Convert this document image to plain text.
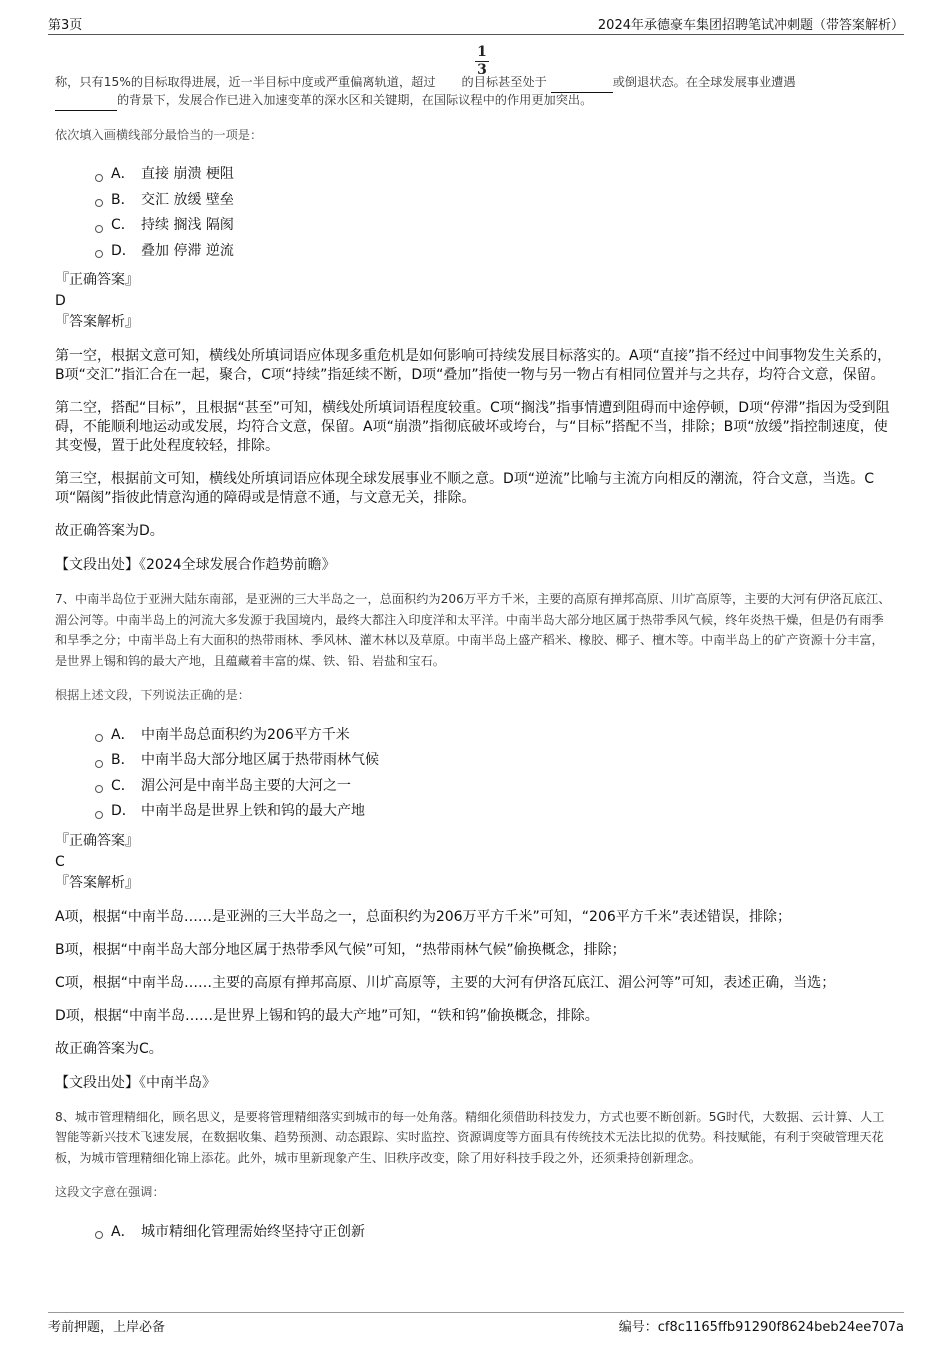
第3页	2024年承德豪车集团招聘笔试冲刺题（带答案解析）
$\frac{1}{3}$

称，只有15%的目标取得进展，近一半目标中度或严重偏离轨道，超过 的目标甚至处于	或倒退状态。在全球发展事业遭遇

的背景下，发展合作已进入加速变革的深水区和关键期，在国际议程中的作用更加突出。

依次填入画横线部分最恰当的一项是：

A． 直接 崩溃 梗阻
B． 交汇 放缓 壁垒
C． 持续 搁浅 隔阂
D． 叠加 停滞 逆流

『正确答案』

D

『答案解析』

第一空，根据文意可知，横线处所填词语应体现多重危机是如何影响可持续发展目标落实的。A项“直接”指不经过中间事物发生关系的，B项“交汇”指汇合在一起，聚合，C项“持续”指延续不断，D项“叠加”指使一物与另一物占有相同位置并与之共存，均符合文意，保留。

第二空，搭配“目标”，且根据“甚至”可知，横线处所填词语程度较重。C项“搁浅”指事情遭到阻碍而中途停顿，D项“停滞”指因为受到阻碍，不能顺利地运动或发展，均符合文意，保留。A项“崩溃”指彻底破坏或垮台，与“目标”搭配不当，排除；B项“放缓”指控制速度，使其变慢，置于此处程度较轻，排除。

第三空，根据前文可知，横线处所填词语应体现全球发展事业不顺之意。D项“逆流”比喻与主流方向相反的潮流，符合文意，当选。C项“隔阂”指彼此情意沟通的障碍或是情意不通，与文意无关，排除。

故正确答案为D。

【文段出处】《2024全球发展合作趋势前瞻》

7、中南半岛位于亚洲大陆东南部，是亚洲的三大半岛之一，总面积约为206万平方千米，主要的高原有掸邦高原、川圹高原等，主要的大河有伊洛瓦底江、湄公河等。中南半岛上的河流大多发源于我国境内，最终大都注入印度洋和太平洋。中南半岛大部分地区属于热带季风气候，终年炎热干燥，但是仍有雨季和旱季之分；中南半岛上有大面积的热带雨林、季风林、灌木林以及草原。中南半岛上盛产稻米、橡胶、椰子、檀木等。中南半岛上的矿产资源十分丰富，是世界上锡和钨的最大产地，且蕴藏着丰富的煤、铁、铅、岩盐和宝石。

根据上述文段，下列说法正确的是：

A． 中南半岛总面积约为206平方千米
B． 中南半岛大部分地区属于热带雨林气候
C． 湄公河是中南半岛主要的大河之一
D． 中南半岛是世界上铁和钨的最大产地

『正确答案』

C

『答案解析』

A项，根据“中南半岛……是亚洲的三大半岛之一，总面积约为206万平方千米”可知，“206平方千米”表述错误，排除；

B项，根据“中南半岛大部分地区属于热带季风气候”可知，“热带雨林气候”偷换概念，排除；

C项，根据“中南半岛……主要的高原有掸邦高原、川圹高原等，主要的大河有伊洛瓦底江、湄公河等”可知，表述正确，当选；

D项，根据“中南半岛……是世界上锡和钨的最大产地”可知，“铁和钨”偷换概念，排除。

故正确答案为C。

【文段出处】《中南半岛》

8、城市管理精细化，顾名思义，是要将管理精细落实到城市的每一处角落。精细化须借助科技发力，方式也要不断创新。5G时代，大数据、云计算、人工智能等新兴技术飞速发展，在数据收集、趋势预测、动态跟踪、实时监控、资源调度等方面具有传统技术无法比拟的优势。科技赋能，有利于突破管理天花板，为城市管理精细化锦上添花。此外，城市里新现象产生、旧秩序改变，除了用好科技手段之外，还须秉持创新理念。

这段文字意在强调：

A． 城市精细化管理需始终坚持守正创新
考前押题，上岸必备	编号：cf8c1165ffb91290f8624beb24ee707a
